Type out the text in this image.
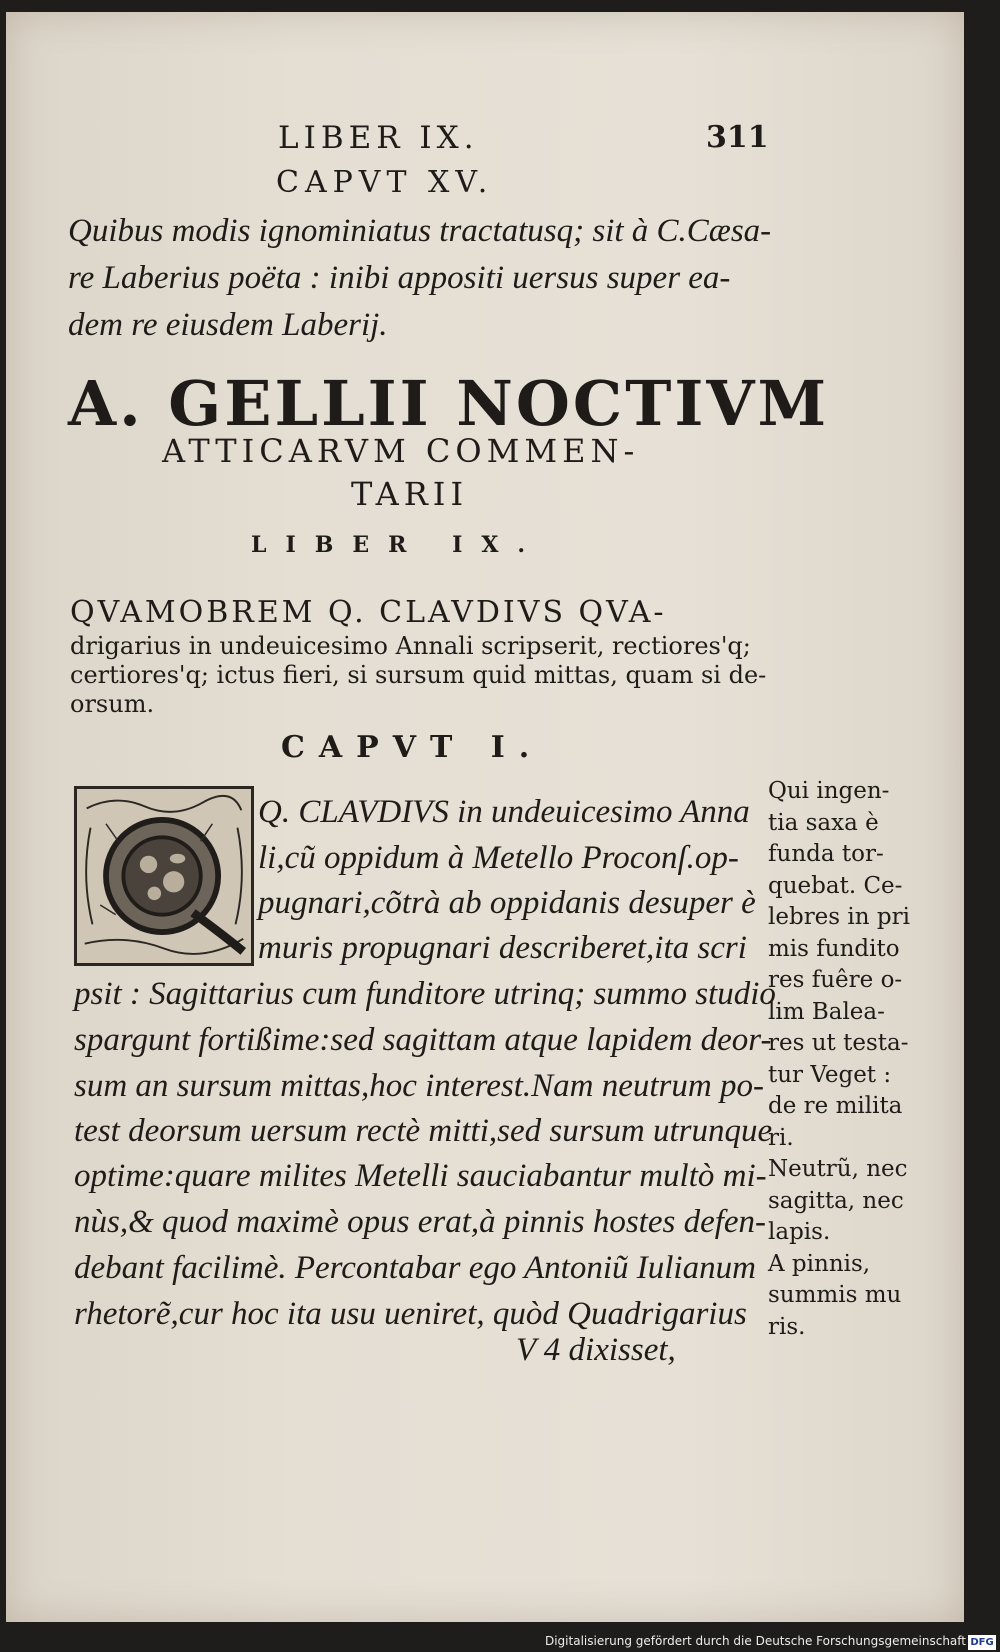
LIBER IX.	311
CAPVT XV.
Quibus modis ignominiatus tractatusq; sit à C.Cæsa-
re Laberius poëta : inibi appositi uersus super ea-
dem re eiusdem Laberij.
A. GELLII NOCTIVM
ATTICARVM COMMEN-
TARII
LIBER IX.
QVAMOBREM Q. CLAVDIVS QVA-
drigarius in undeuicesimo Annali scripserit, rectiores'q;
certiores'q; ictus fieri, si sursum quid mittas, quam si de-
orsum.
CAPVT I.
Q. CLAVDIVS in undeuicesimo Anna
li,cũ oppidum à Metello Proconſ.op-
pugnari,cõtrà ab oppidanis desuper è
muris propugnari describeret,ita scri
psit : Sagittarius cum funditore utrinq; summo studio
spargunt fortißime:sed sagittam atque lapidem deor-
sum an sursum mittas,hoc interest.Nam neutrum po-
test deorsum uersum rectè mitti,sed sursum utrunque
optime:quare milites Metelli sauciabantur multò mi-
nùs,& quod maximè opus erat,à pinnis hostes defen-
debant facilimè. Percontabar ego Antoniũ Iulianum
rhetorẽ,cur hoc ita usu ueniret, quòd Quadrigarius
V 4 dixisset,
Qui ingen-
tia saxa è
funda tor-
quebat. Ce-
lebres in pri
mis fundito
res fuêre o-
lim Balea-
res ut testa-
tur Veget :
de re milita
ri.
Neutrũ, nec
sagitta, nec
lapis.
A pinnis,
summis mu
ris.
Digitalisierung gefördert durch die Deutsche Forschungsgemeinschaft DFG
